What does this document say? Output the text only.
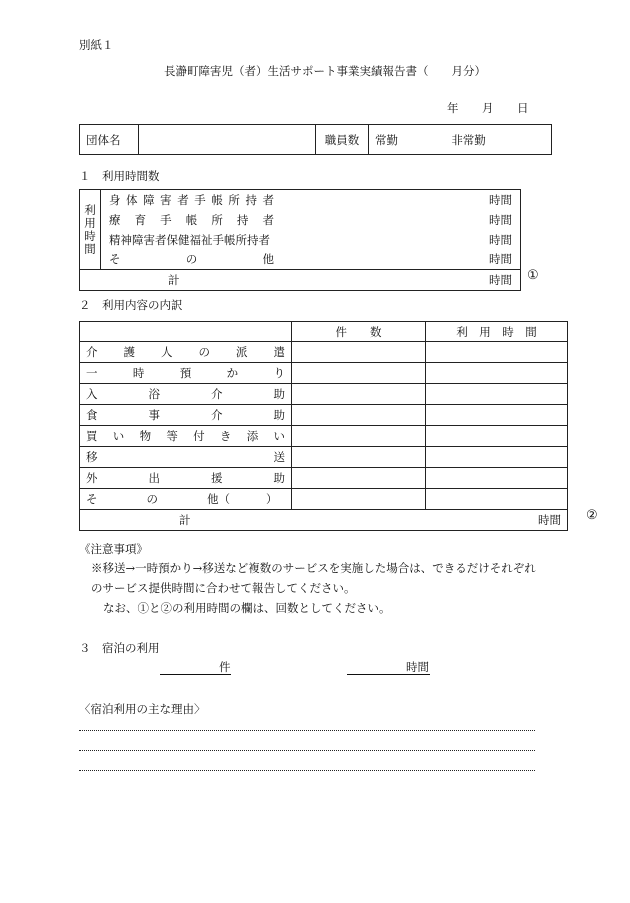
別紙１
長瀞町障害児（者）生活サポート事業実績報告書（　　月分）
年 月 日
団体名		職員数	常勤	非常勤
１　利用時間数
利
用
時
間

身体障害者手帳所持者	時間

療育手帳所持者	時間

精神障害者保健福祉手帳所持者	時間

その他	時間

計	時間 ①
２　利用内容の内訳
	件　　数	利　用　時　間

介護人の派遣		

一時預かり		

入浴介助		

食事介助		

買い物等付き添い		

移送		

外出援助		

そ の 他（ ）		

計 時間		②
《注意事項》
※移送→一時預かり→移送など複数のサービスを実施した場合は、できるだけそれぞれ
のサービス提供時間に合わせて報告してください。
なお、①と②の利用時間の欄は、回数としてください。
３　宿泊の利用
件	時間
〈宿泊利用の主な理由〉
